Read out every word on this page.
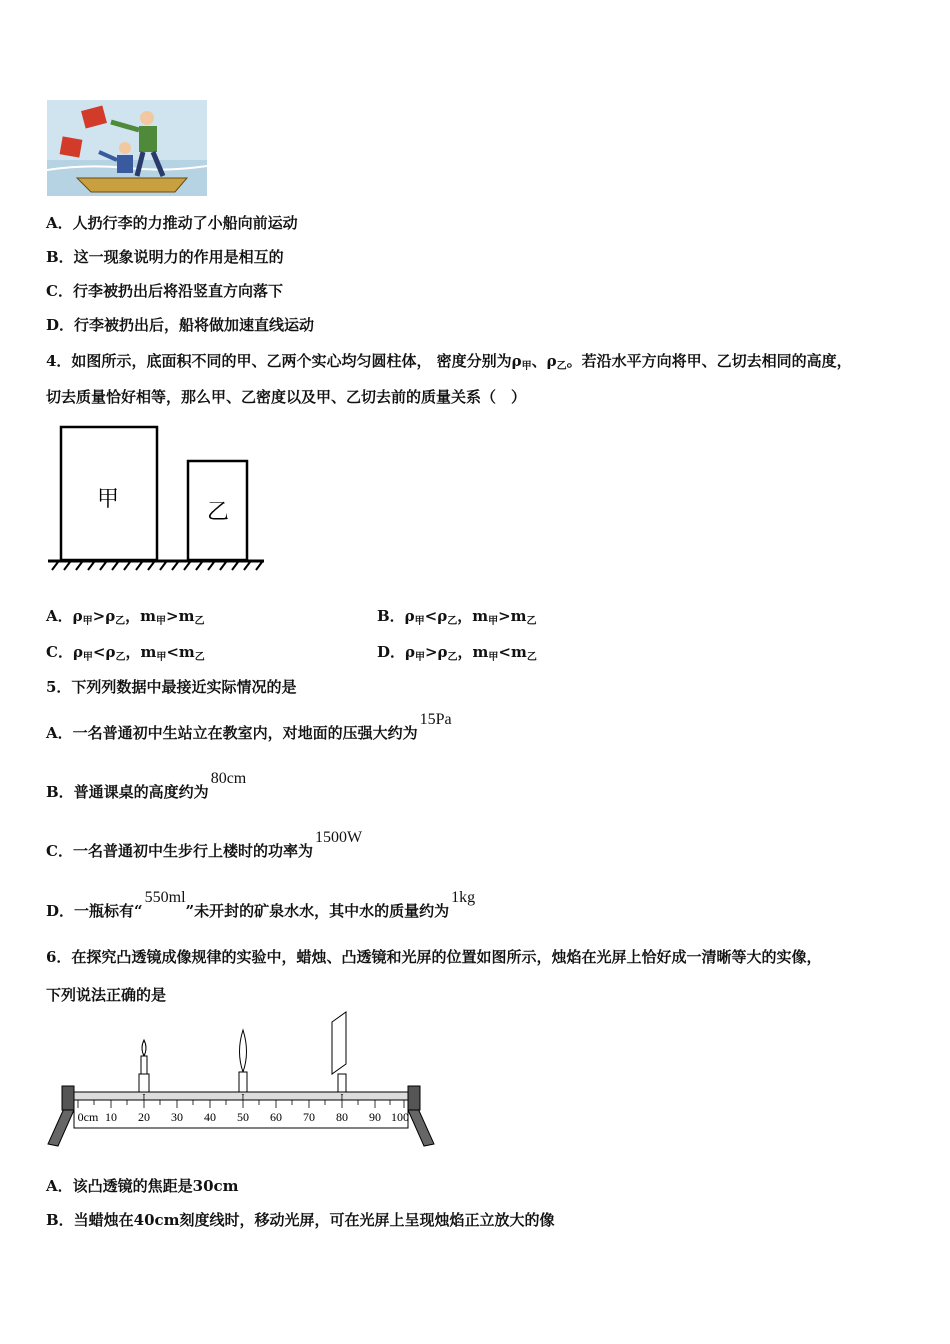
A．人扔行李的力推动了小船向前运动
B．这一现象说明力的作用是相互的
C．行李被扔出后将沿竖直方向落下
D．行李被扔出后，船将做加速直线运动
4．如图所示，底面积不同的甲、乙两个实心均匀圆柱体， 密度分别为$\rho_甲$、$\rho_乙$。若沿水平方向将甲、乙切去相同的高度，
切去质量恰好相等，那么甲、乙密度以及甲、乙切去前的质量关系（　）
甲
乙
A．$\rho_甲>\rho_乙$，$m_甲>m_乙$	B．$\rho_甲<\rho_乙$，$m_甲>m_乙$
C．$\rho_甲<\rho_乙$，$m_甲<m_乙$	D．$\rho_甲>\rho_乙$，$m_甲<m_乙$
5．下列列数据中最接近实际情况的是
A．一名普通初中生站立在教室内，对地面的压强大约为15Pa
B．普通课桌的高度约为80cm
C．一名普通初中生步行上楼时的功率为1500W
D．一瓶标有“550ml”未开封的矿泉水水，其中水的质量约为1kg
6．在探究凸透镜成像规律的实验中，蜡烛、凸透镜和光屏的位置如图所示，烛焰在光屏上恰好成一清晰等大的实像，
下列说法正确的是
0cm 10 20 30 40 50 60 70 80 90 100
I	I	I
A．该凸透镜的焦距是30cm
B．当蜡烛在40cm刻度线时，移动光屏，可在光屏上呈现烛焰正立放大的像
